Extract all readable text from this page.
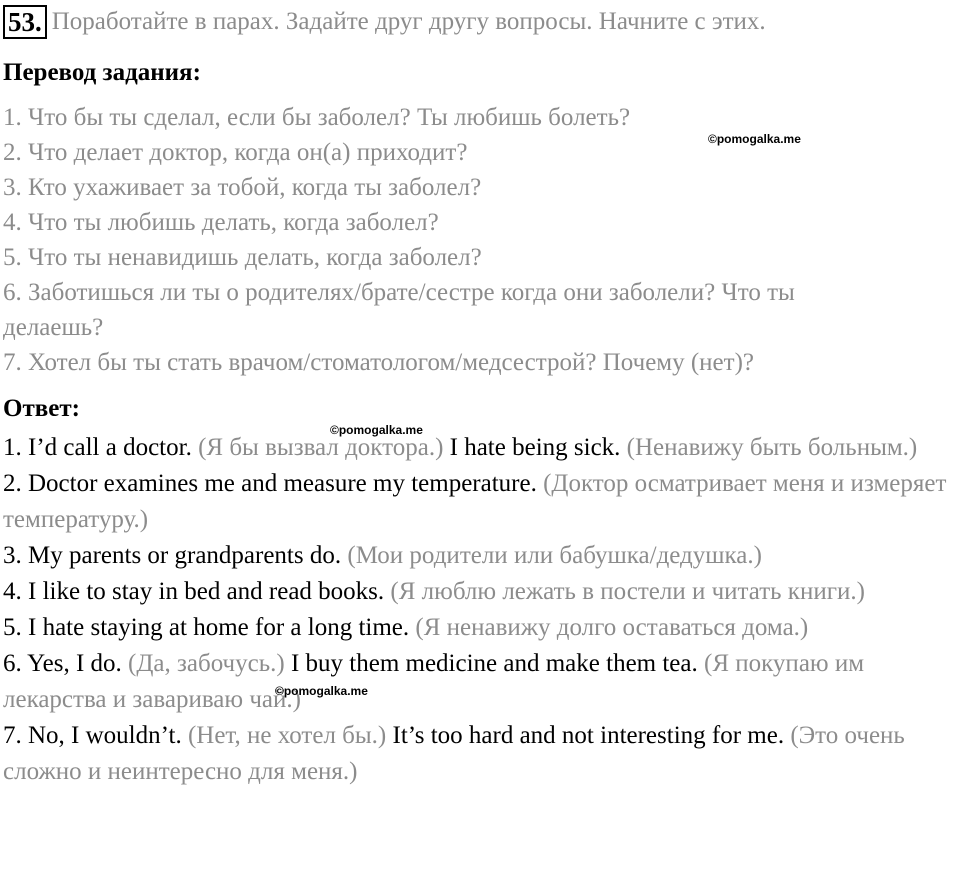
53. Поработайте в парах. Задайте друг другу вопросы. Начните с этих.
Перевод задания:
1. Что бы ты сделал, если бы заболел? Ты любишь болеть?
2. Что делает доктор, когда он(а) приходит?
3. Кто ухаживает за тобой, когда ты заболел?
4. Что ты любишь делать, когда заболел?
5. Что ты ненавидишь делать, когда заболел?
6. Заботишься ли ты о родителях/брате/сестре когда они заболели? Что ты
делаешь?
7. Хотел бы ты стать врачом/стоматологом/медсестрой? Почему (нет)?
Ответ:
1. I’d call a doctor. (Я бы вызвал доктора.) I hate being sick. (Ненавижу быть больным.)
2. Doctor examines me and measure my temperature. (Доктор осматривает меня и измеряет температуру.)
3. My parents or grandparents do. (Мои родители или бабушка/дедушка.)
4. I like to stay in bed and read books. (Я люблю лежать в постели и читать книги.)
5. I hate staying at home for a long time. (Я ненавижу долго оставаться дома.)
6. Yes, I do. (Да, забочусь.) I buy them medicine and make them tea. (Я покупаю им лекарства и завариваю чай.)
7. No, I wouldn’t. (Нет, не хотел бы.) It’s too hard and not interesting for me. (Это очень сложно и неинтересно для меня.)
©pomogalka.me
©pomogalka.me
©pomogalka.me
